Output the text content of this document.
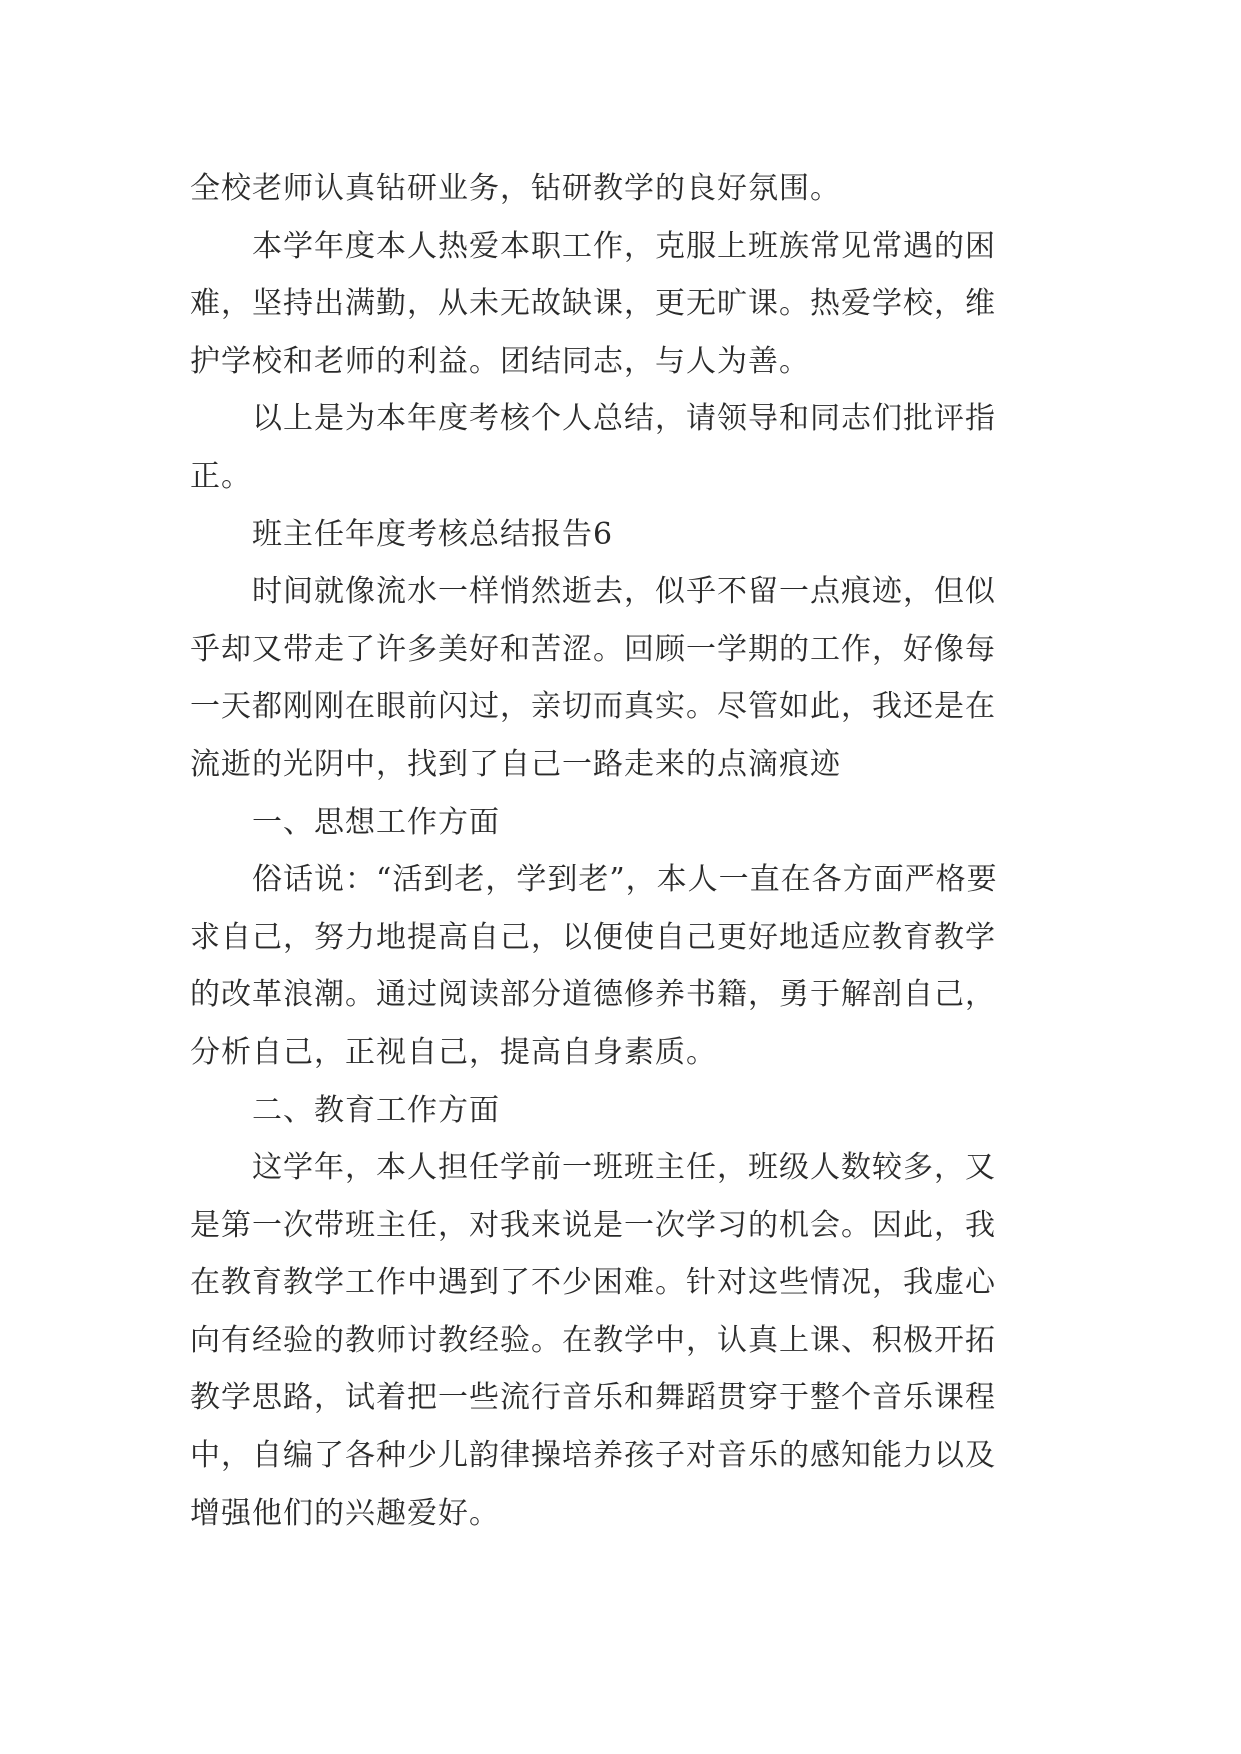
全校老师认真钻研业务，钻研教学的良好氛围。
本学年度本人热爱本职工作，克服上班族常见常遇的困
难，坚持出满勤，从未无故缺课，更无旷课。热爱学校，维
护学校和老师的利益。团结同志，与人为善。
以上是为本年度考核个人总结，请领导和同志们批评指
正。
班主任年度考核总结报告6
时间就像流水一样悄然逝去，似乎不留一点痕迹，但似
乎却又带走了许多美好和苦涩。回顾一学期的工作，好像每
一天都刚刚在眼前闪过，亲切而真实。尽管如此，我还是在
流逝的光阴中，找到了自己一路走来的点滴痕迹
一、思想工作方面
俗话说：“活到老，学到老”，本人一直在各方面严格要
求自己，努力地提高自己，以便使自己更好地适应教育教学
的改革浪潮。通过阅读部分道德修养书籍，勇于解剖自己，
分析自己，正视自己，提高自身素质。
二、教育工作方面
这学年，本人担任学前一班班主任，班级人数较多，又
是第一次带班主任，对我来说是一次学习的机会。因此，我
在教育教学工作中遇到了不少困难。针对这些情况，我虚心
向有经验的教师讨教经验。在教学中，认真上课、积极开拓
教学思路，试着把一些流行音乐和舞蹈贯穿于整个音乐课程
中，自编了各种少儿韵律操培养孩子对音乐的感知能力以及
增强他们的兴趣爱好。
